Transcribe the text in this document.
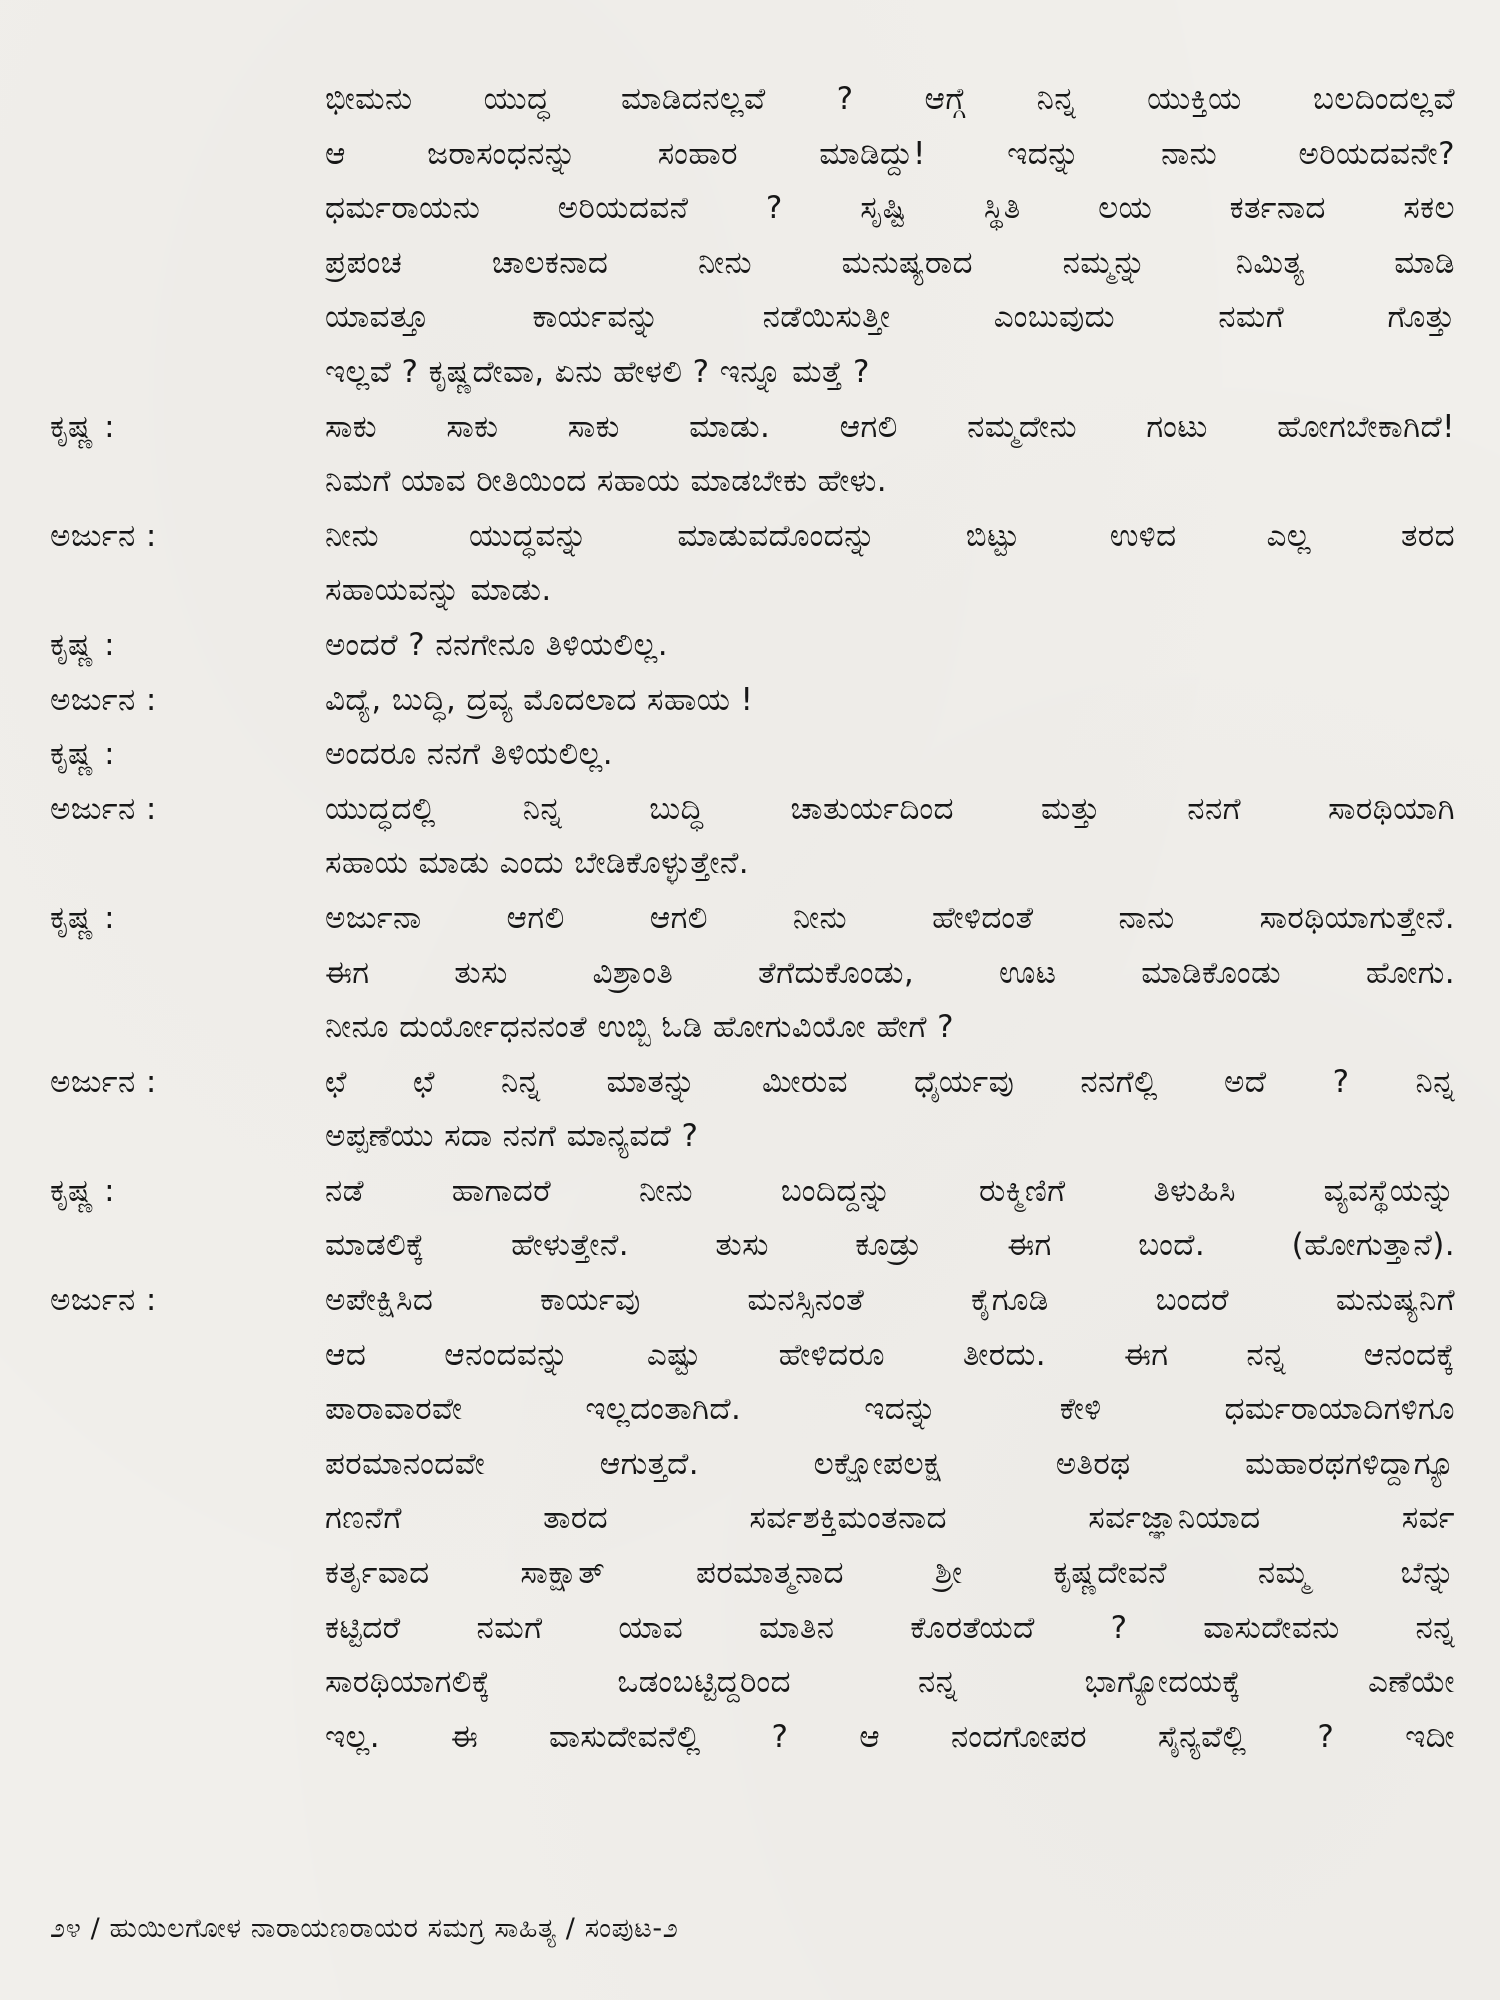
ಭೀಮನು ಯುದ್ಧ ಮಾಡಿದನಲ್ಲವೆ ? ಆಗ್ಗೆ ನಿನ್ನ ಯುಕ್ತಿಯ ಬಲದಿಂದಲ್ಲವೆ
ಆ ಜರಾಸಂಧನನ್ನು ಸಂಹಾರ ಮಾಡಿದ್ದು! ಇದನ್ನು ನಾನು ಅರಿಯದವನೇ?
ಧರ್ಮರಾಯನು ಅರಿಯದವನೆ ? ಸೃಷ್ಟಿ ಸ್ಥಿತಿ ಲಯ ಕರ್ತನಾದ ಸಕಲ
ಪ್ರಪಂಚ ಚಾಲಕನಾದ ನೀನು ಮನುಷ್ಯರಾದ ನಮ್ಮನ್ನು ನಿಮಿತ್ಯ ಮಾಡಿ
ಯಾವತ್ತೂ ಕಾರ್ಯವನ್ನು ನಡೆಯಿಸುತ್ತೀ ಎಂಬುವುದು ನಮಗೆ ಗೊತ್ತು
ಇಲ್ಲವೆ ? ಕೃಷ್ಣದೇವಾ, ಏನು ಹೇಳಲಿ ? ಇನ್ನೂ ಮತ್ತೆ ?
ಕೃಷ್ಣ :	ಸಾಕು ಸಾಕು ಸಾಕು ಮಾಡು. ಆಗಲಿ ನಮ್ಮದೇನು ಗಂಟು ಹೋಗಬೇಕಾಗಿದೆ!
ನಿಮಗೆ ಯಾವ ರೀತಿಯಿಂದ ಸಹಾಯ ಮಾಡಬೇಕು ಹೇಳು.
ಅರ್ಜುನ :	ನೀನು ಯುದ್ಧವನ್ನು ಮಾಡುವದೊಂದನ್ನು ಬಿಟ್ಟು ಉಳಿದ ಎಲ್ಲ ತರದ
ಸಹಾಯವನ್ನು ಮಾಡು.
ಕೃಷ್ಣ :	ಅಂದರೆ ? ನನಗೇನೂ ತಿಳಿಯಲಿಲ್ಲ.
ಅರ್ಜುನ :	ವಿದ್ಯೆ, ಬುದ್ಧಿ, ದ್ರವ್ಯ ಮೊದಲಾದ ಸಹಾಯ !
ಕೃಷ್ಣ :	ಅಂದರೂ ನನಗೆ ತಿಳಿಯಲಿಲ್ಲ.
ಅರ್ಜುನ :	ಯುದ್ಧದಲ್ಲಿ ನಿನ್ನ ಬುದ್ಧಿ ಚಾತುರ್ಯದಿಂದ ಮತ್ತು ನನಗೆ ಸಾರಥಿಯಾಗಿ
ಸಹಾಯ ಮಾಡು ಎಂದು ಬೇಡಿಕೊಳ್ಳುತ್ತೇನೆ.
ಕೃಷ್ಣ :	ಅರ್ಜುನಾ ಆಗಲಿ ಆಗಲಿ ನೀನು ಹೇಳಿದಂತೆ ನಾನು ಸಾರಥಿಯಾಗುತ್ತೇನೆ.
ಈಗ ತುಸು ವಿಶ್ರಾಂತಿ ತೆಗೆದುಕೊಂಡು, ಊಟ ಮಾಡಿಕೊಂಡು ಹೋಗು.
ನೀನೂ ದುರ್ಯೋಧನನಂತೆ ಉಬ್ಬಿ ಓಡಿ ಹೋಗುವಿಯೋ ಹೇಗೆ ?
ಅರ್ಜುನ :	ಛೆ ಛೆ ನಿನ್ನ ಮಾತನ್ನು ಮೀರುವ ಧೈರ್ಯವು ನನಗೆಲ್ಲಿ ಅದೆ ? ನಿನ್ನ
ಅಪ್ಪಣೆಯು ಸದಾ ನನಗೆ ಮಾನ್ಯವದೆ ?
ಕೃಷ್ಣ :	ನಡೆ ಹಾಗಾದರೆ ನೀನು ಬಂದಿದ್ದನ್ನು ರುಕ್ಮಿಣಿಗೆ ತಿಳುಹಿಸಿ ವ್ಯವಸ್ಥೆಯನ್ನು
ಮಾಡಲಿಕ್ಕೆ ಹೇಳುತ್ತೇನೆ. ತುಸು ಕೂಡ್ರು ಈಗ ಬಂದೆ. (ಹೋಗುತ್ತಾನೆ).
ಅರ್ಜುನ :	ಅಪೇಕ್ಷಿಸಿದ ಕಾರ್ಯವು ಮನಸ್ಸಿನಂತೆ ಕೈಗೂಡಿ ಬಂದರೆ ಮನುಷ್ಯನಿಗೆ
ಆದ ಆನಂದವನ್ನು ಎಷ್ಟು ಹೇಳಿದರೂ ತೀರದು. ಈಗ ನನ್ನ ಆನಂದಕ್ಕೆ
ಪಾರಾವಾರವೇ ಇಲ್ಲದಂತಾಗಿದೆ. ಇದನ್ನು ಕೇಳಿ ಧರ್ಮರಾಯಾದಿಗಳಿಗೂ
ಪರಮಾನಂದವೇ ಆಗುತ್ತದೆ. ಲಕ್ಷೋಪಲಕ್ಷ ಅತಿರಥ ಮಹಾರಥಗಳಿದ್ದಾಗ್ಯೂ
ಗಣನೆಗೆ ತಾರದ ಸರ್ವಶಕ್ತಿಮಂತನಾದ ಸರ್ವಜ್ಞಾನಿಯಾದ ಸರ್ವ
ಕರ್ತೃವಾದ ಸಾಕ್ಷಾತ್ ಪರಮಾತ್ಮನಾದ ಶ್ರೀ ಕೃಷ್ಣದೇವನೆ ನಮ್ಮ ಬೆನ್ನು
ಕಟ್ಟಿದರೆ ನಮಗೆ ಯಾವ ಮಾತಿನ ಕೊರತೆಯದೆ ? ವಾಸುದೇವನು ನನ್ನ
ಸಾರಥಿಯಾಗಲಿಕ್ಕೆ ಒಡಂಬಟ್ಟಿದ್ದರಿಂದ ನನ್ನ ಭಾಗ್ಯೋದಯಕ್ಕೆ ಎಣೆಯೇ
ಇಲ್ಲ. ಈ ವಾಸುದೇವನೆಲ್ಲಿ ? ಆ ನಂದಗೋಪರ ಸೈನ್ಯವೆಲ್ಲಿ ? ಇದೀ
೨೪ / ಹುಯಿಲಗೋಳ ನಾರಾಯಣರಾಯರ ಸಮಗ್ರ ಸಾಹಿತ್ಯ / ಸಂಪುಟ-೨
